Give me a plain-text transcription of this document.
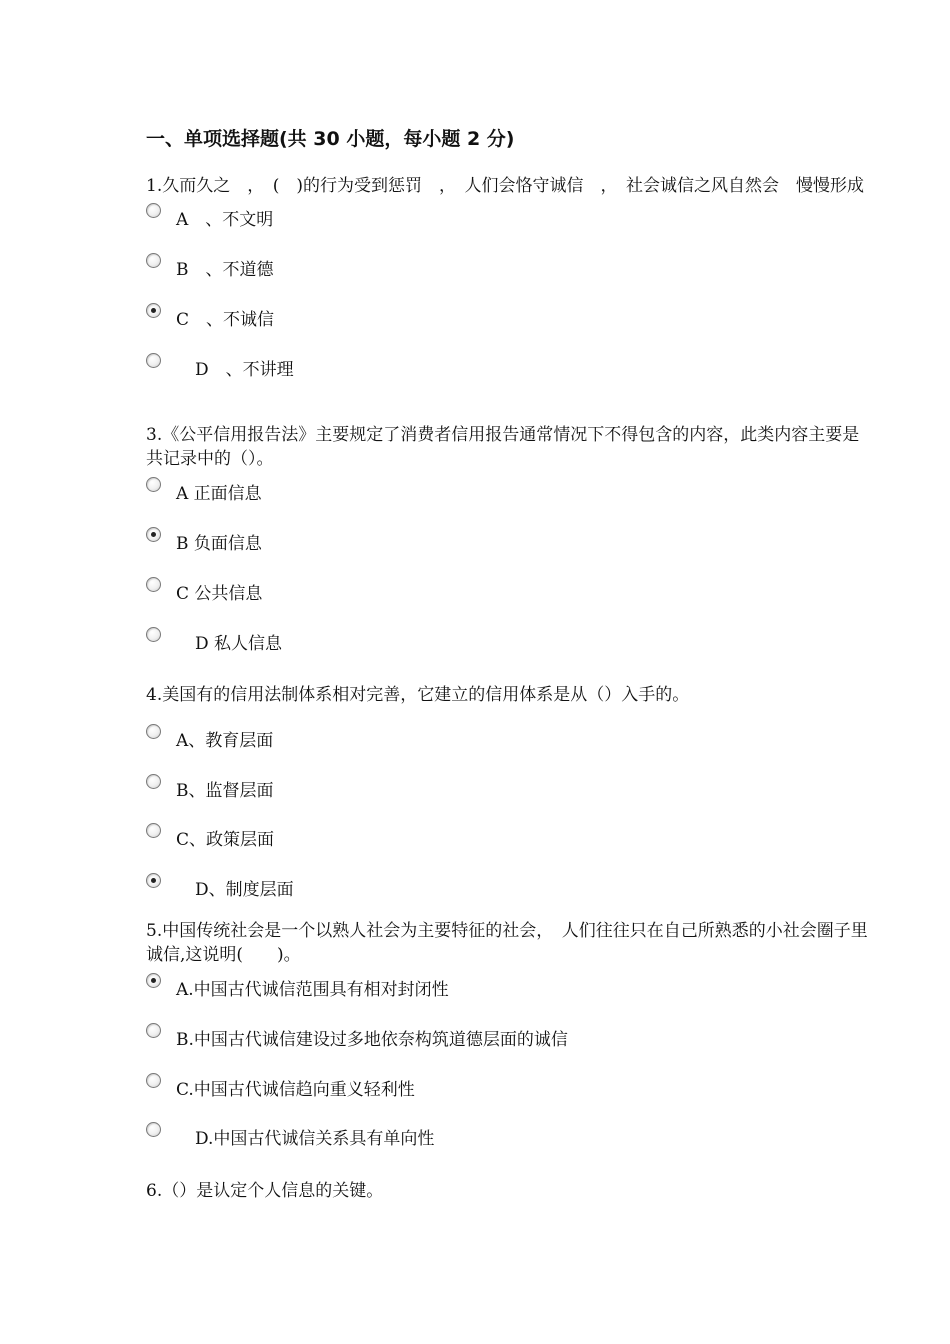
一、单项选择题(共 30 小题，每小题 2 分)
1.久而久之　，　(　)的行为受到惩罚　，　人们会恪守诚信　，　社会诚信之风自然会　慢慢形成
A　、不文明
B　、不道德
C　、不诚信
D　、不讲理
3.《公平信用报告法》主要规定了消费者信用报告通常情况下不得包含的内容，此类内容主要是
共记录中的（）。
A 正面信息
B 负面信息
C 公共信息
D 私人信息
4.美国有的信用法制体系相对完善，它建立的信用体系是从（）入手的。
A、教育层面
B、监督层面
C、政策层面
D、制度层面
5.中国传统社会是一个以熟人社会为主要特征的社会，　人们往往只在自己所熟悉的小社会圈子里
诚信,这说明(　　)。
A.中国古代诚信范围具有相对封闭性
B.中国古代诚信建设过多地依奈构筑道德层面的诚信
C.中国古代诚信趋向重义轻利性
D.中国古代诚信关系具有单向性
6.（）是认定个人信息的关键。
